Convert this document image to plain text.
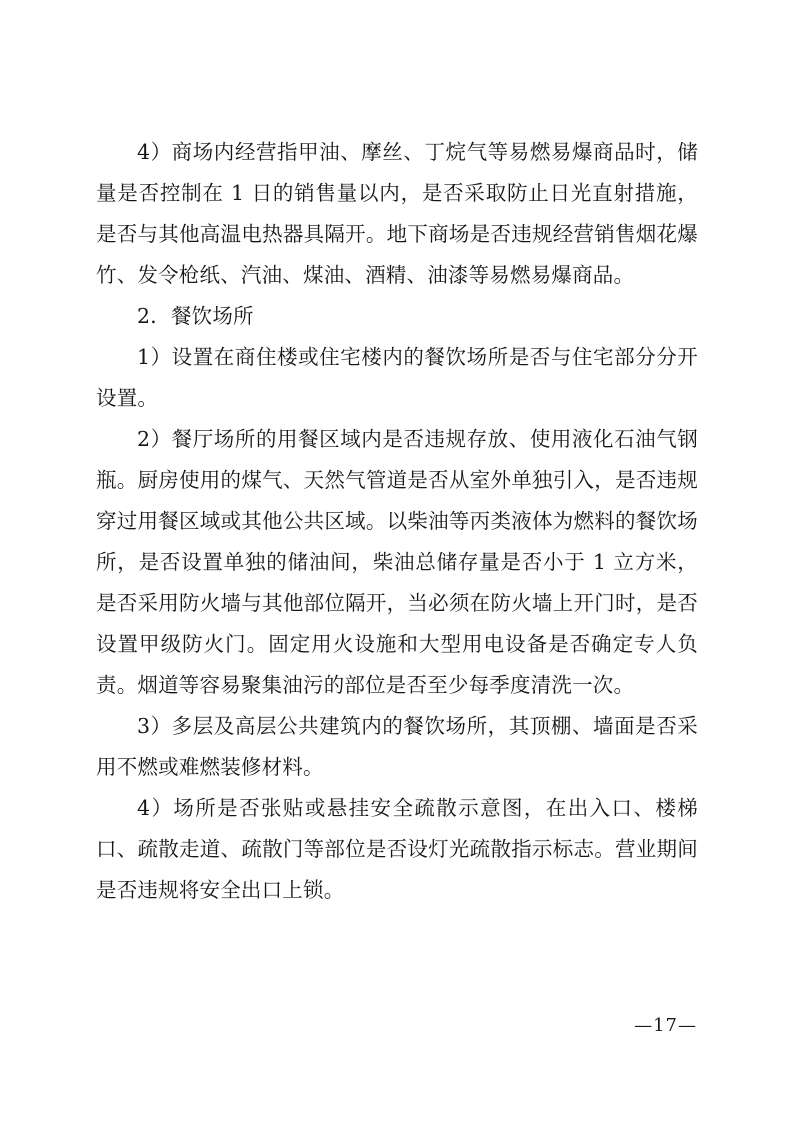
4）商场内经营指甲油、摩丝、丁烷气等易燃易爆商品时，储量是否控制在 1 日的销售量以内，是否采取防止日光直射措施，是否与其他高温电热器具隔开。地下商场是否违规经营销售烟花爆竹、发令枪纸、汽油、煤油、酒精、油漆等易燃易爆商品。

2．餐饮场所

1）设置在商住楼或住宅楼内的餐饮场所是否与住宅部分分开设置。

2）餐厅场所的用餐区域内是否违规存放、使用液化石油气钢瓶。厨房使用的煤气、天然气管道是否从室外单独引入，是否违规穿过用餐区域或其他公共区域。以柴油等丙类液体为燃料的餐饮场所，是否设置单独的储油间，柴油总储存量是否小于 1 立方米，是否采用防火墙与其他部位隔开，当必须在防火墙上开门时，是否设置甲级防火门。固定用火设施和大型用电设备是否确定专人负责。烟道等容易聚集油污的部位是否至少每季度清洗一次。

3）多层及高层公共建筑内的餐饮场所，其顶棚、墙面是否采用不燃或难燃装修材料。

4）场所是否张贴或悬挂安全疏散示意图，在出入口、楼梯口、疏散走道、疏散门等部位是否设灯光疏散指示标志。营业期间是否违规将安全出口上锁。

—17—
